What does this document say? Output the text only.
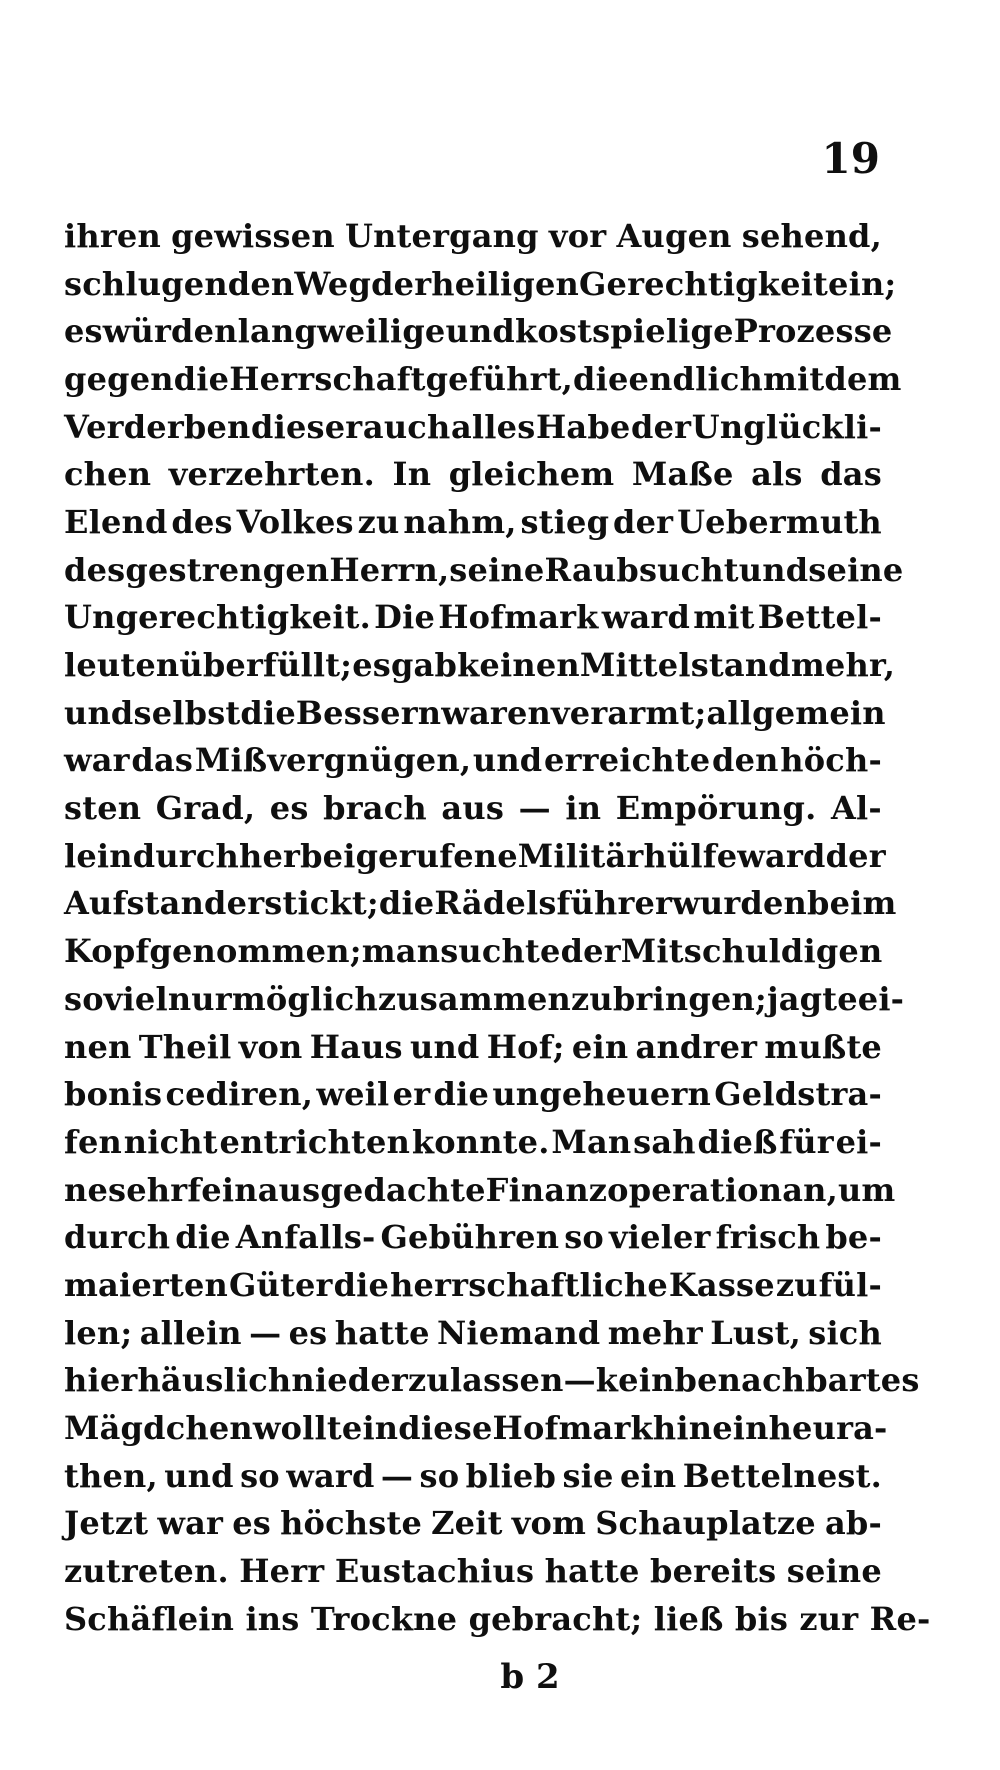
19
ihren gewissen Untergang vor Augen sehend,
schlugen den Weg der heiligen Gerechtigkeit ein;
es würden langweilige und kostspielige Prozesse
gegen die Herrschaft geführt, die endlich mit dem
Verderben dieser auch alles Habe der Unglückli-
chen verzehrten. In gleichem Maße als das
Elend des Volkes zu nahm, stieg der Uebermuth
des gestrengen Herrn, seine Raubsucht und seine
Ungerechtigkeit. Die Hofmark ward mit Bettel-
leuten überfüllt; es gab keinen Mittelstand mehr,
und selbst die Bessern waren verarmt; allgemein
war das Mißvergnügen, und erreichte den höch-
sten Grad, es brach aus — in Empörung. Al-
lein durch herbei gerufene Militärhülfe ward der
Aufstand erstickt; die Rädelsführer wurden beim
Kopf genommen; man suchte der Mitschuldigen
soviel nur möglich zusammen zu bringen; jagte ei-
nen Theil von Haus und Hof; ein andrer mußte
bonis cediren, weil er die ungeheuern Geldstra-
fen nicht entrichten konnte. Man sah dieß für ei-
ne sehr fein ausgedachte Finanzoperation an, um
durch die Anfalls- Gebühren so vieler frisch be-
maierten Güter die herrschaftliche Kasse zu fül-
len; allein — es hatte Niemand mehr Lust, sich
hier häuslich niederzulassen — kein benachbartes
Mägdchen wollte in diese Hofmark hineinheura-
then, und so ward — so blieb sie ein Bettelnest.
Jetzt war es höchste Zeit vom Schauplatze ab-
zutreten. Herr Eustachius hatte bereits seine
Schäflein
ins
Trockne
gebracht;
ließ
bis
zur
Re-
b 2
